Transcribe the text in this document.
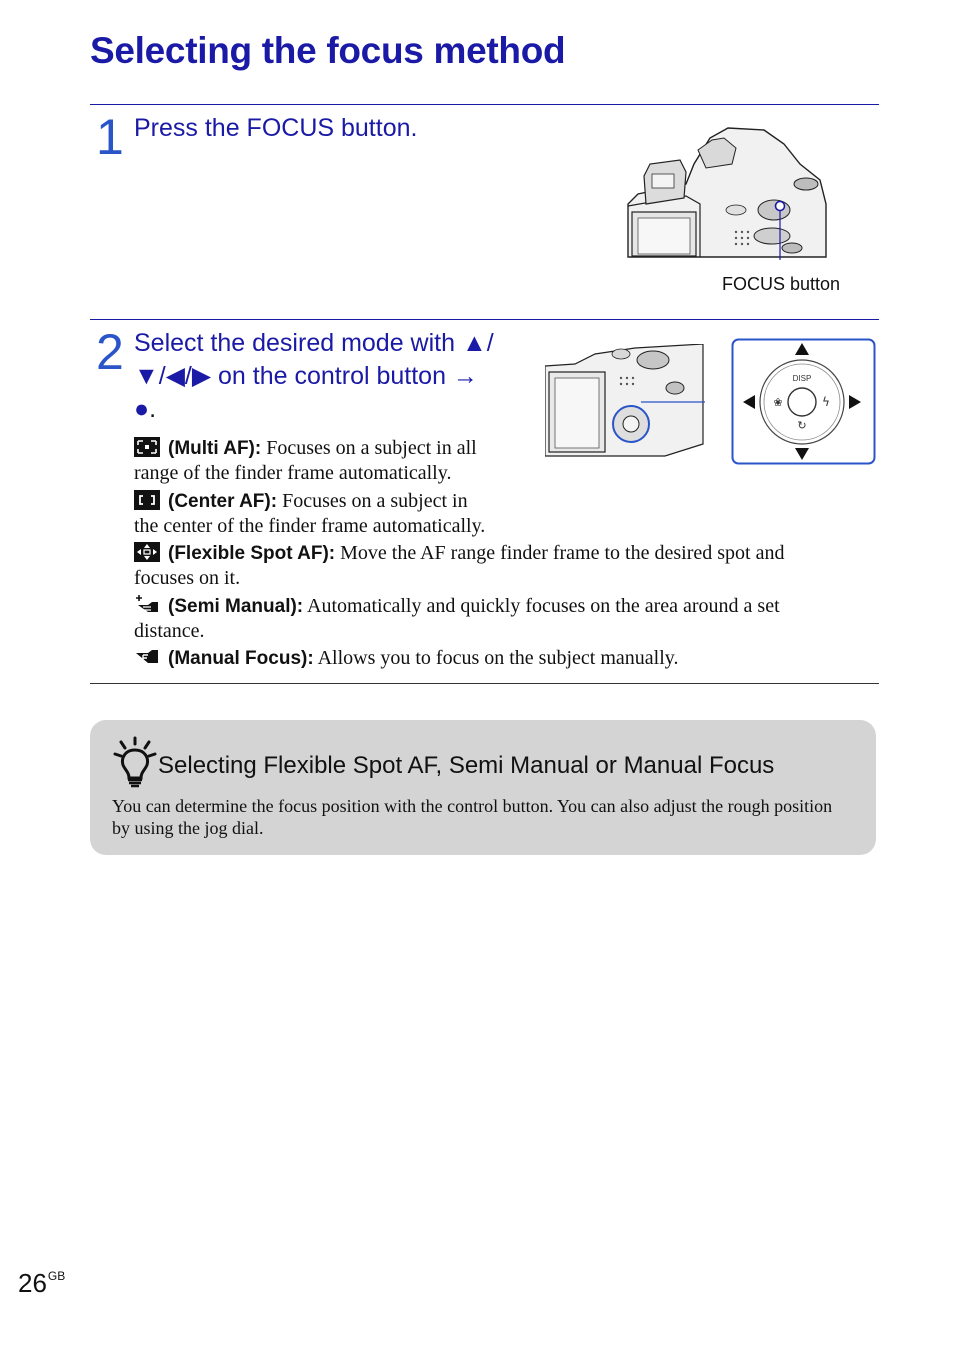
Selecting the focus method
1 Press the FOCUS button.
FOCUS button
2 Select the desired mode with ▲/
▼/◀/▶ on the control button →
●.
DISP
❀	ϟ
↻
(Multi AF): Focuses on a subject in all
range of the finder frame automatically.
(Center AF): Focuses on a subject in
the center of the finder frame automatically.
(Flexible Spot AF): Move the AF range finder frame to the desired spot and
focuses on it.
(Semi Manual): Automatically and quickly focuses on the area around a set
distance.
(Manual Focus): Allows you to focus on the subject manually.
Selecting Flexible Spot AF, Semi Manual or Manual Focus
You can determine the focus position with the control button. You can also adjust the rough position by using the jog dial.
$26^{GB}$
